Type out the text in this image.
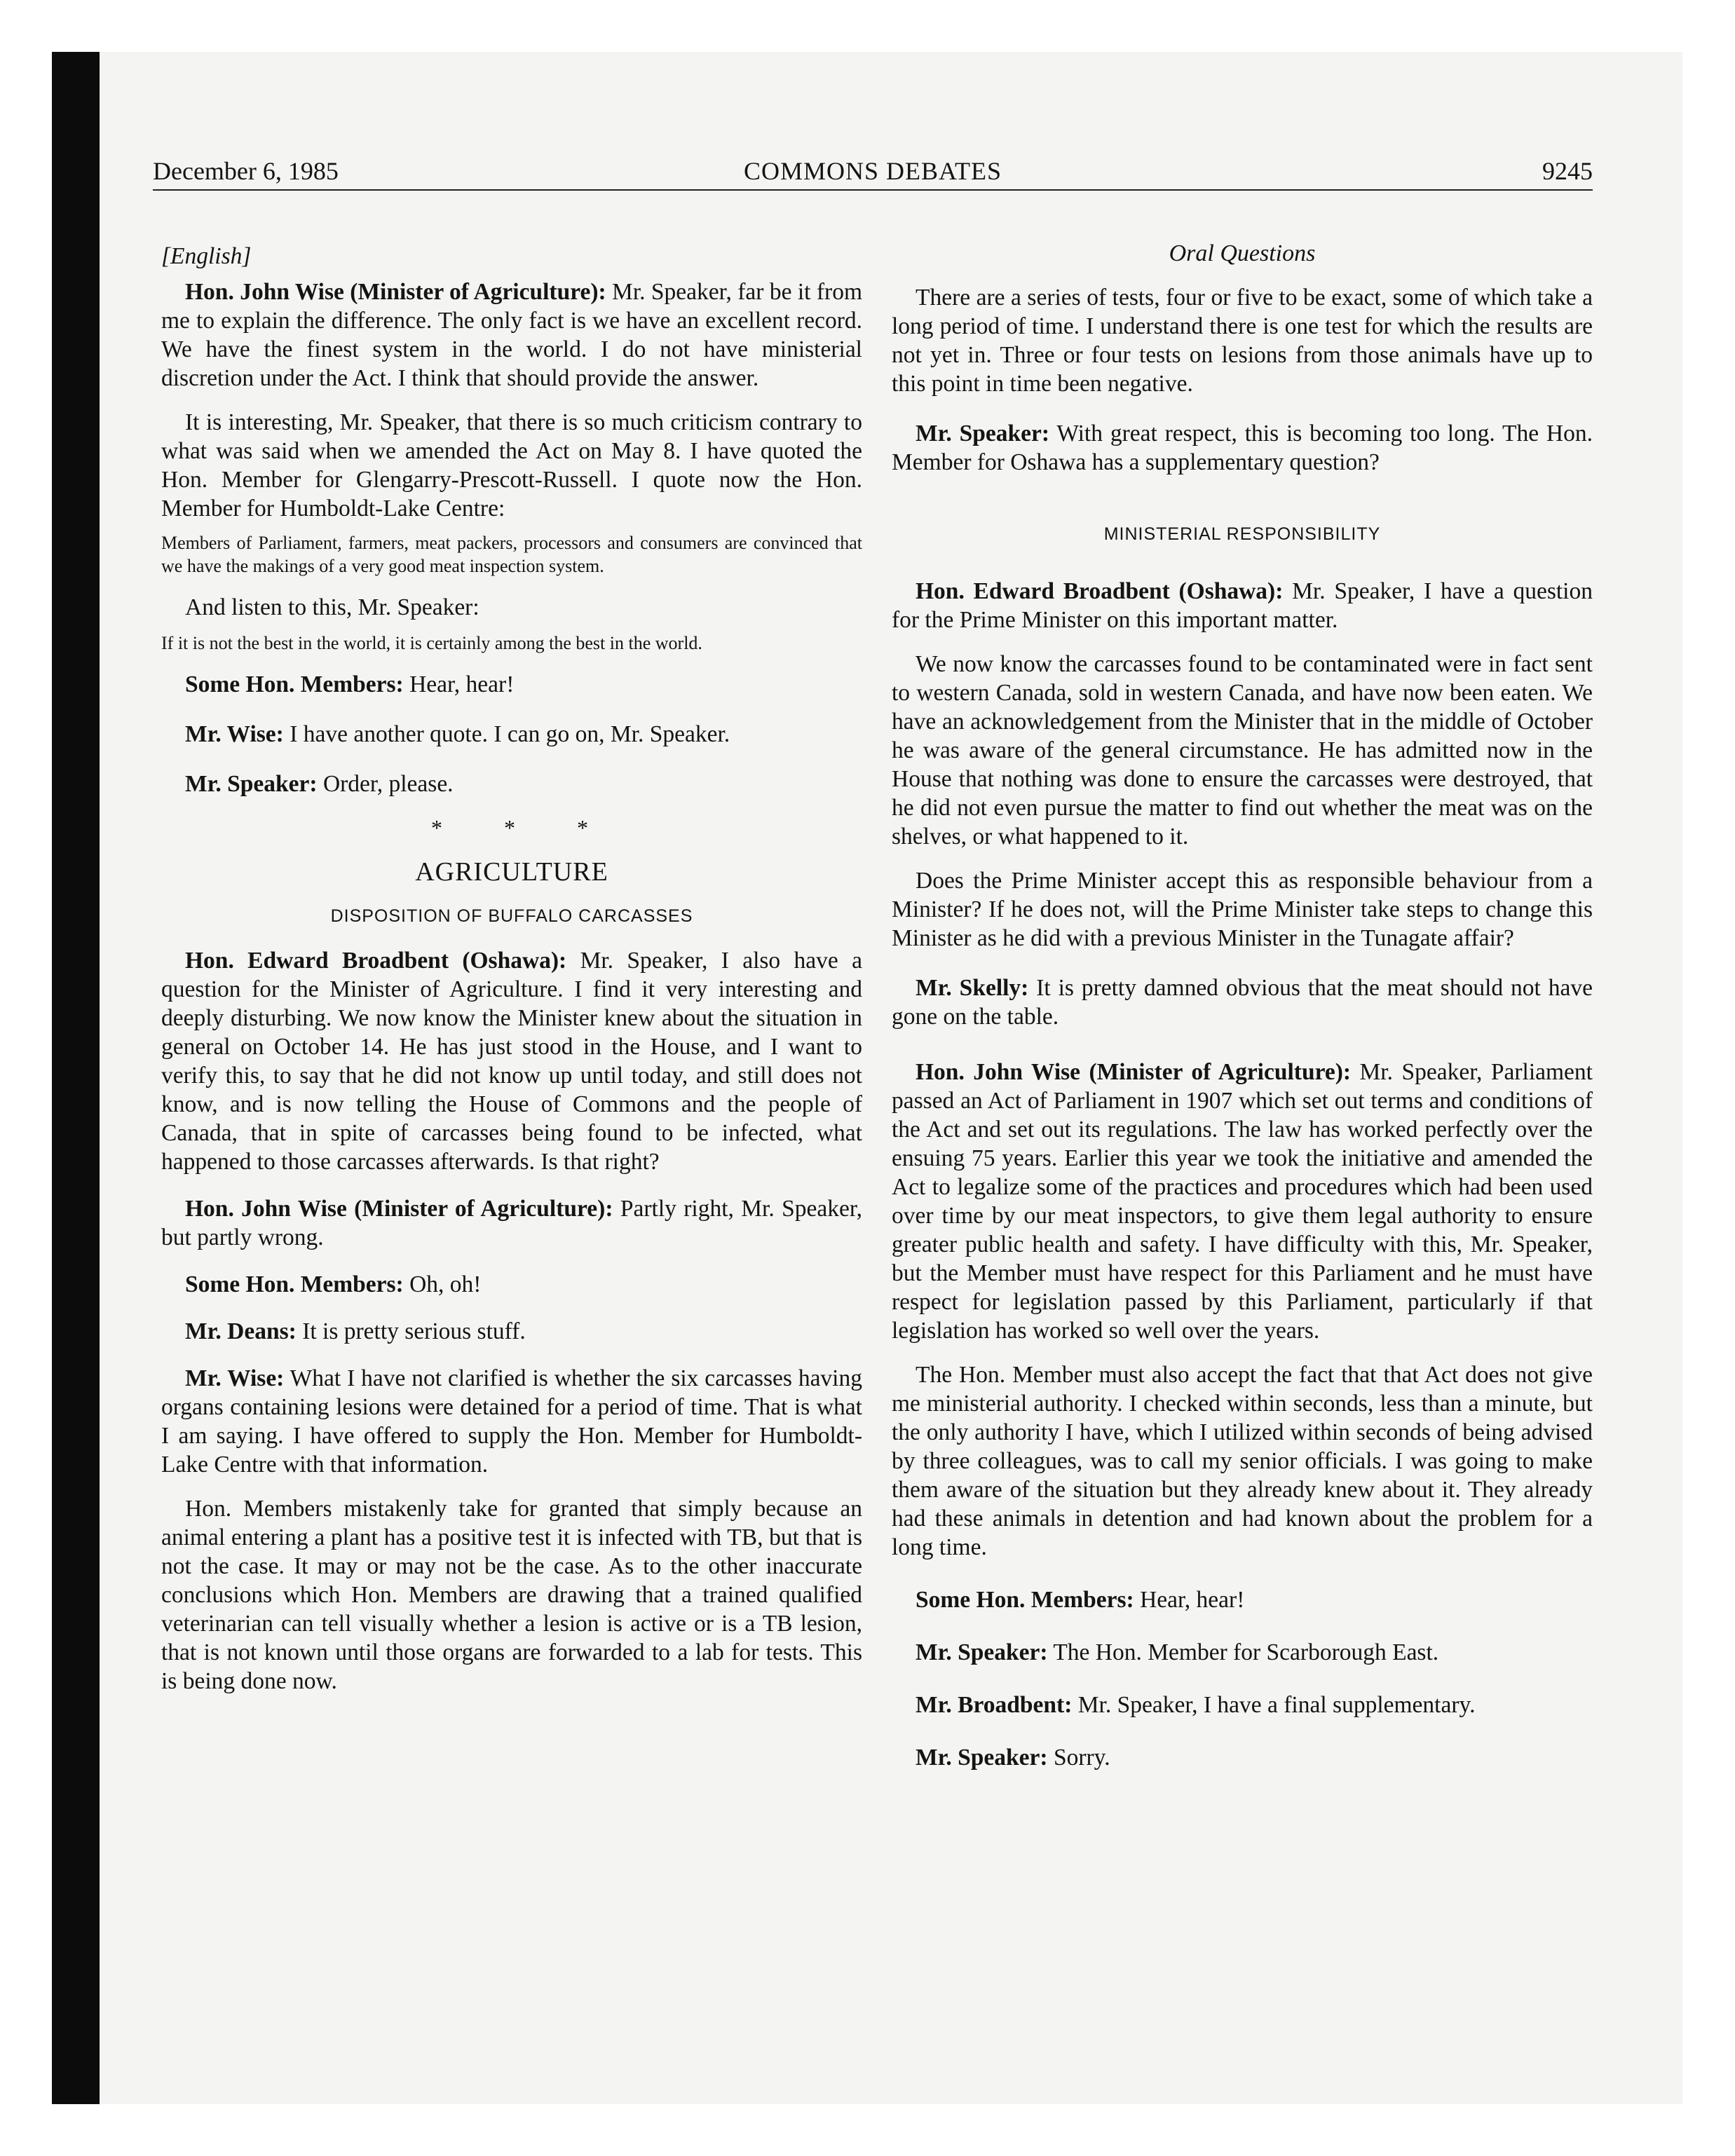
December 6, 1985	COMMONS DEBATES	9245

[English]

Hon. John Wise (Minister of Agriculture): Mr. Speaker, far be it from me to explain the difference. The only fact is we have an excellent record. We have the finest system in the world. I do not have ministerial discretion under the Act. I think that should provide the answer.

It is interesting, Mr. Speaker, that there is so much criticism contrary to what was said when we amended the Act on May 8. I have quoted the Hon. Member for Glengarry-Prescott-Russell. I quote now the Hon. Member for Humboldt-Lake Centre:

Members of Parliament, farmers, meat packers, processors and consumers are convinced that we have the makings of a very good meat inspection system.

And listen to this, Mr. Speaker:

If it is not the best in the world, it is certainly among the best in the world.

Some Hon. Members: Hear, hear!

Mr. Wise: I have another quote. I can go on, Mr. Speaker.

Mr. Speaker: Order, please.

* * *

AGRICULTURE

DISPOSITION OF BUFFALO CARCASSES

Hon. Edward Broadbent (Oshawa): Mr. Speaker, I also have a question for the Minister of Agriculture. I find it very interesting and deeply disturbing. We now know the Minister knew about the situation in general on October 14. He has just stood in the House, and I want to verify this, to say that he did not know up until today, and still does not know, and is now telling the House of Commons and the people of Canada, that in spite of carcasses being found to be infected, what happened to those carcasses afterwards. Is that right?

Hon. John Wise (Minister of Agriculture): Partly right, Mr. Speaker, but partly wrong.

Some Hon. Members: Oh, oh!

Mr. Deans: It is pretty serious stuff.

Mr. Wise: What I have not clarified is whether the six carcasses having organs containing lesions were detained for a period of time. That is what I am saying. I have offered to supply the Hon. Member for Humboldt-Lake Centre with that information.

Hon. Members mistakenly take for granted that simply because an animal entering a plant has a positive test it is infected with TB, but that is not the case. It may or may not be the case. As to the other inaccurate conclusions which Hon. Members are drawing that a trained qualified veterinarian can tell visually whether a lesion is active or is a TB lesion, that is not known until those organs are forwarded to a lab for tests. This is being done now.

Oral Questions

There are a series of tests, four or five to be exact, some of which take a long period of time. I understand there is one test for which the results are not yet in. Three or four tests on lesions from those animals have up to this point in time been negative.

Mr. Speaker: With great respect, this is becoming too long. The Hon. Member for Oshawa has a supplementary question?

MINISTERIAL RESPONSIBILITY

Hon. Edward Broadbent (Oshawa): Mr. Speaker, I have a question for the Prime Minister on this important matter.

We now know the carcasses found to be contaminated were in fact sent to western Canada, sold in western Canada, and have now been eaten. We have an acknowledgement from the Minister that in the middle of October he was aware of the general circumstance. He has admitted now in the House that nothing was done to ensure the carcasses were destroyed, that he did not even pursue the matter to find out whether the meat was on the shelves, or what happened to it.

Does the Prime Minister accept this as responsible behaviour from a Minister? If he does not, will the Prime Minister take steps to change this Minister as he did with a previous Minister in the Tunagate affair?

Mr. Skelly: It is pretty damned obvious that the meat should not have gone on the table.

Hon. John Wise (Minister of Agriculture): Mr. Speaker, Parliament passed an Act of Parliament in 1907 which set out terms and conditions of the Act and set out its regulations. The law has worked perfectly over the ensuing 75 years. Earlier this year we took the initiative and amended the Act to legalize some of the practices and procedures which had been used over time by our meat inspectors, to give them legal authority to ensure greater public health and safety. I have difficulty with this, Mr. Speaker, but the Member must have respect for this Parliament and he must have respect for legislation passed by this Parliament, particularly if that legislation has worked so well over the years.

The Hon. Member must also accept the fact that that Act does not give me ministerial authority. I checked within seconds, less than a minute, but the only authority I have, which I utilized within seconds of being advised by three colleagues, was to call my senior officials. I was going to make them aware of the situation but they already knew about it. They already had these animals in detention and had known about the problem for a long time.

Some Hon. Members: Hear, hear!

Mr. Speaker: The Hon. Member for Scarborough East.

Mr. Broadbent: Mr. Speaker, I have a final supplementary.

Mr. Speaker: Sorry.
